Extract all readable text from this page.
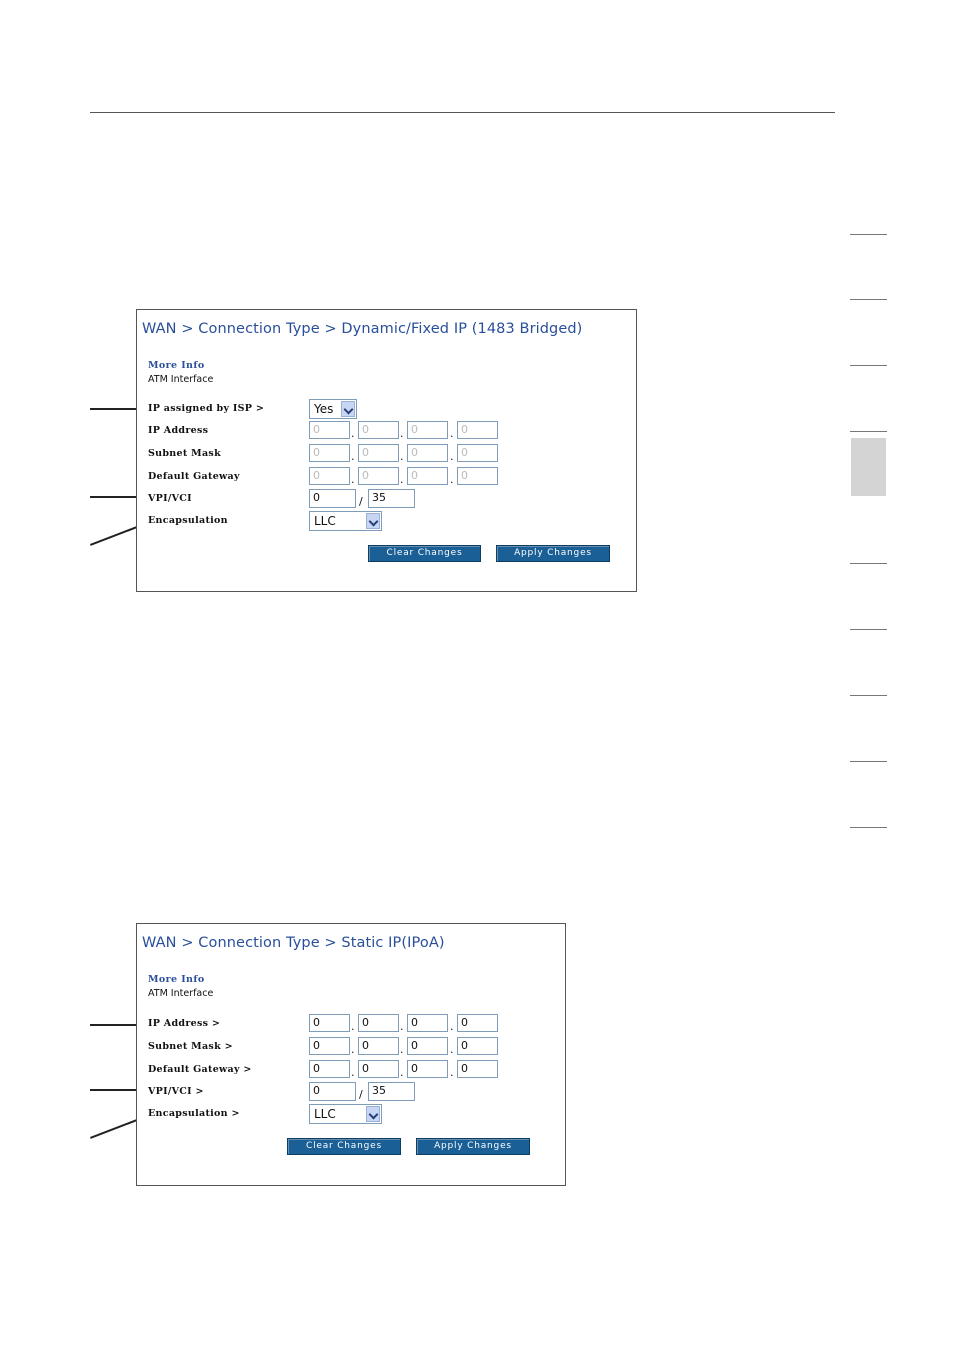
WAN > Connection Type > Dynamic/Fixed IP (1483 Bridged)
More Info
ATM Interface
IP assigned by ISP >	Yes
IP Address	0	. 0	. 0	. 0
Subnet Mask	0	. 0	. 0	. 0
Default Gateway	0	. 0	. 0	. 0
VPI/VCI	0	/ 35
Encapsulation	LLC
Clear Changes	Apply Changes
WAN > Connection Type > Static IP(IPoA)
More Info
ATM Interface
IP Address >	0	. 0	. 0	. 0
Subnet Mask >	0	. 0	. 0	. 0
Default Gateway >	0	. 0	. 0	. 0
VPI/VCI >	0	/ 35
Encapsulation >	LLC
Clear Changes	Apply Changes
